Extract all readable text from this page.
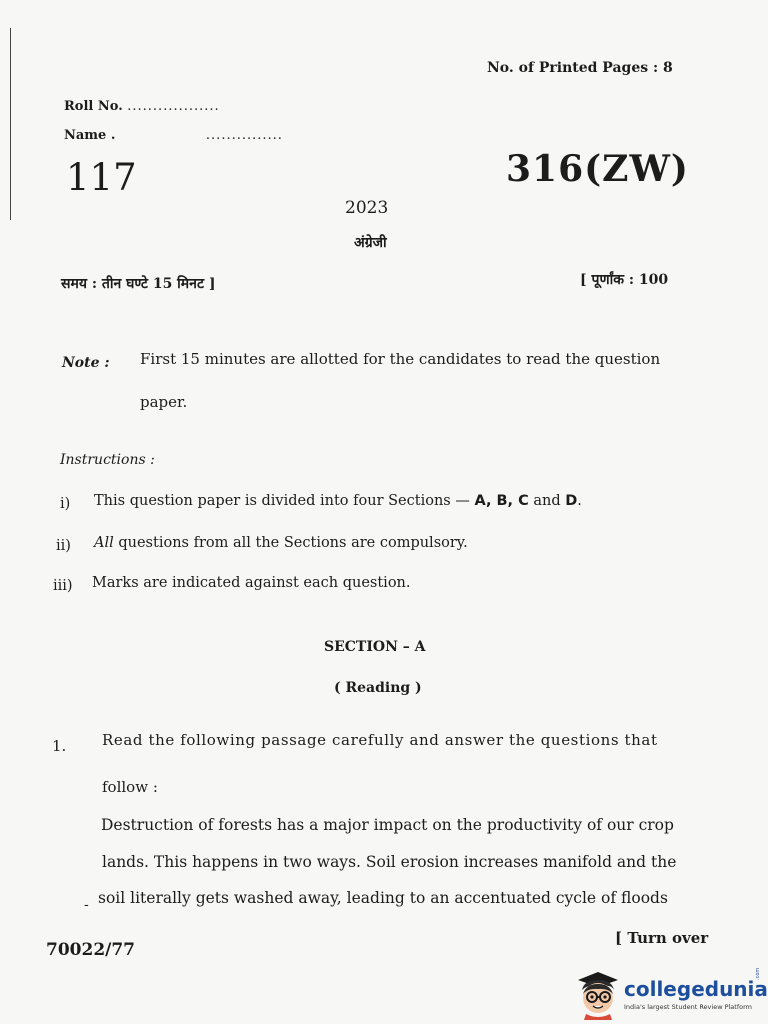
No. of Printed Pages : 8
Roll No. ..................
Name .	...............
117	316(ZW)
2023
अंग्रेजी
समय : तीन घण्टे 15 मिनट ]	[ पूर्णांक : 100
Note : First 15 minutes are allotted for the candidates to read the question
paper.
Instructions :
i) This question paper is divided into four Sections — A, B, C and D.
ii) All questions from all the Sections are compulsory.
iii) Marks are indicated against each question.
SECTION – A
( Reading )
1. Read the following passage carefully and answer the questions that
follow :
Destruction of forests has a major impact on the productivity of our crop
lands. This happens in two ways. Soil erosion increases manifold and the
- soil literally gets washed away, leading to an accentuated cycle of floods
[ Turn over
70022/77
collegedunia
India's largest Student Review Platform
.com
